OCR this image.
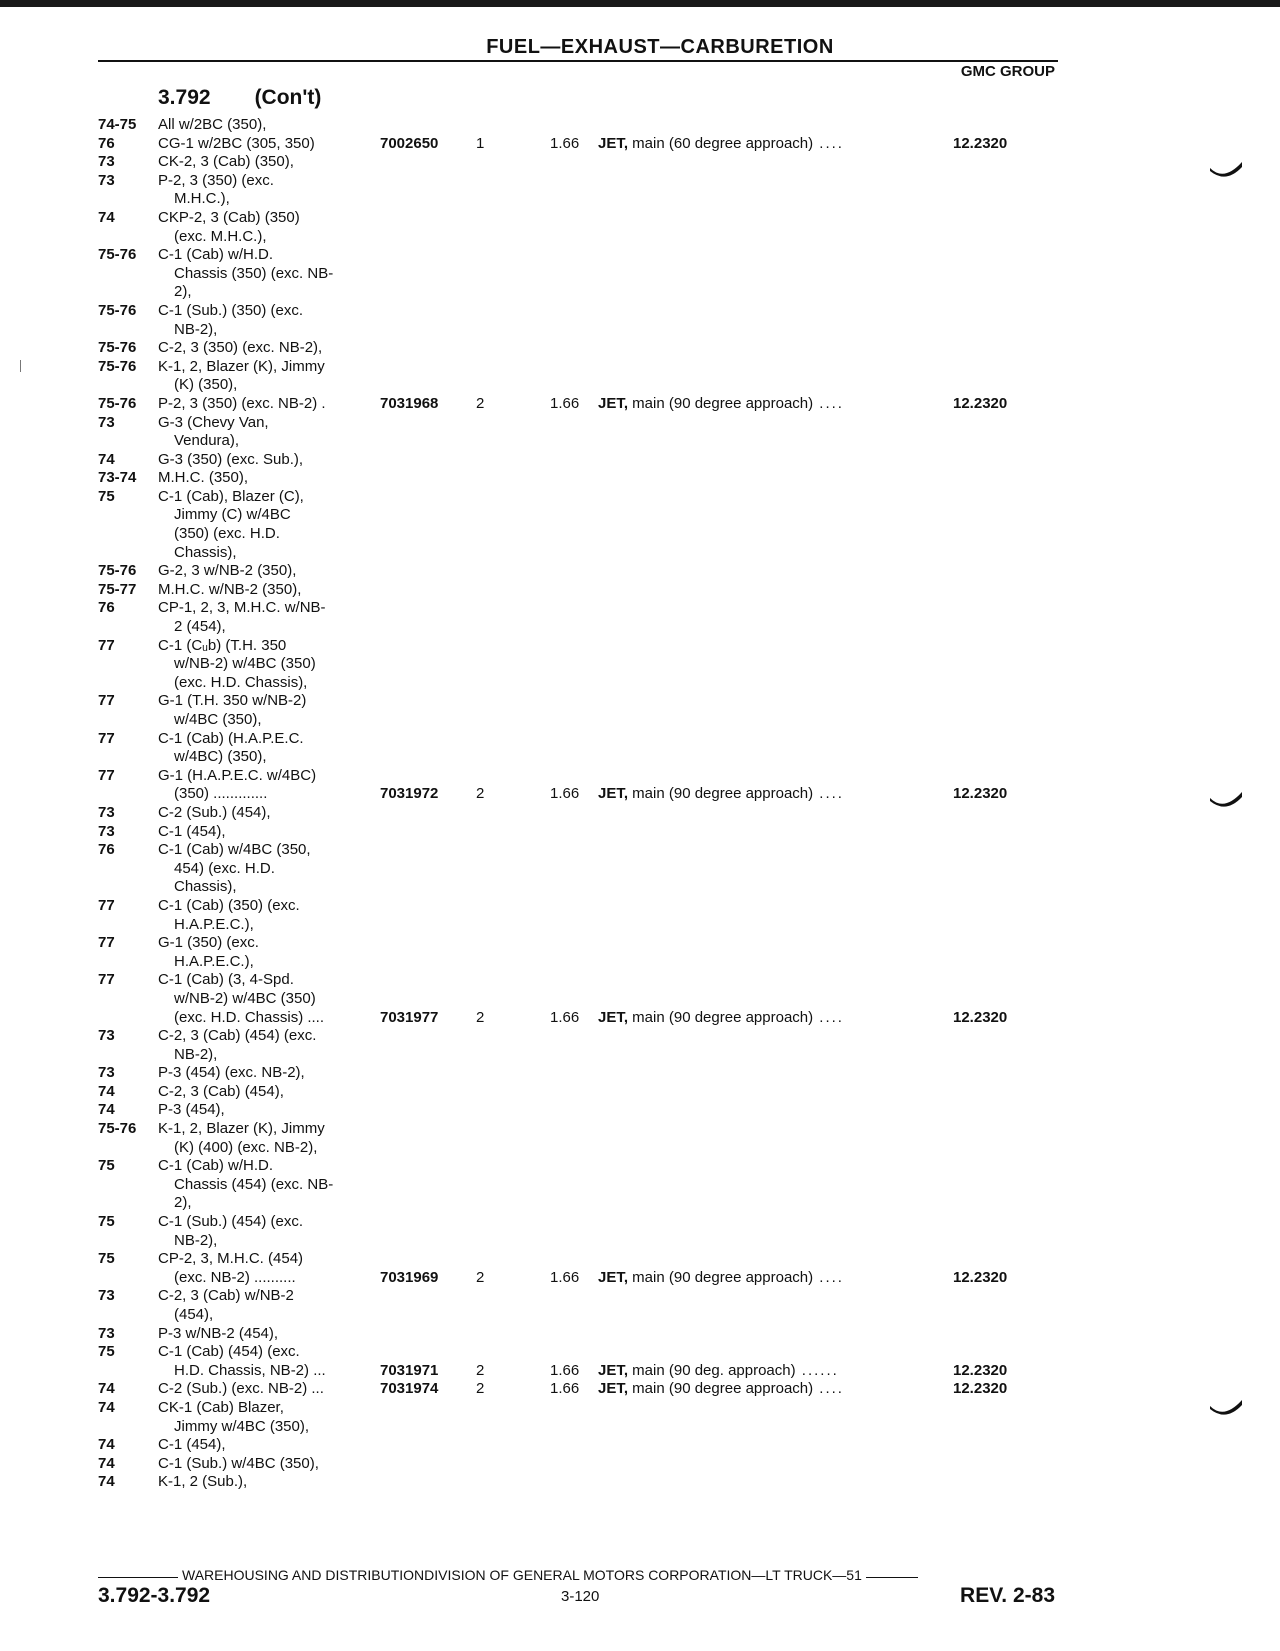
FUEL—EXHAUST—CARBURETION
GMC GROUP
3.792 (Con't)
74-75	All w/2BC (350),
76	CG-1 w/2BC (305, 350)	7002650	1	1.66	JET, main (60 degree approach) ....	12.2320
73	CK-2, 3 (Cab) (350),
73	P-2, 3 (350) (exc.
M.H.C.),
74	CKP-2, 3 (Cab) (350)
(exc. M.H.C.),
75-76	C-1 (Cab) w/H.D.
Chassis (350) (exc. NB-
2),
75-76	C-1 (Sub.) (350) (exc.
NB-2),
75-76	C-2, 3 (350) (exc. NB-2),
75-76	K-1, 2, Blazer (K), Jimmy
(K) (350),
75-76	P-2, 3 (350) (exc. NB-2) .	7031968	2	1.66	JET, main (90 degree approach) ....	12.2320
73	G-3 (Chevy Van,
Vendura),
74	G-3 (350) (exc. Sub.),
73-74	M.H.C. (350),
75	C-1 (Cab), Blazer (C),
Jimmy (C) w/4BC
(350) (exc. H.D.
Chassis),
75-76	G-2, 3 w/NB-2 (350),
75-77	M.H.C. w/NB-2 (350),
76	CP-1, 2, 3, M.H.C. w/NB-
2 (454),
77	C-1 (Cᵤb) (T.H. 350
w/NB-2) w/4BC (350)
(exc. H.D. Chassis),
77	G-1 (T.H. 350 w/NB-2)
w/4BC (350),
77	C-1 (Cab) (H.A.P.E.C.
w/4BC) (350),
77	G-1 (H.A.P.E.C. w/4BC)
(350) .............	7031972	2	1.66	JET, main (90 degree approach) ....	12.2320
73	C-2 (Sub.) (454),
73	C-1 (454),
76	C-1 (Cab) w/4BC (350,
454) (exc. H.D.
Chassis),
77	C-1 (Cab) (350) (exc.
H.A.P.E.C.),
77	G-1 (350) (exc.
H.A.P.E.C.),
77	C-1 (Cab) (3, 4-Spd.
w/NB-2) w/4BC (350)
(exc. H.D. Chassis) ....	7031977	2	1.66	JET, main (90 degree approach) ....	12.2320
73	C-2, 3 (Cab) (454) (exc.
NB-2),
73	P-3 (454) (exc. NB-2),
74	C-2, 3 (Cab) (454),
74	P-3 (454),
75-76	K-1, 2, Blazer (K), Jimmy
(K) (400) (exc. NB-2),
75	C-1 (Cab) w/H.D.
Chassis (454) (exc. NB-
2),
75	C-1 (Sub.) (454) (exc.
NB-2),
75	CP-2, 3, M.H.C. (454)
(exc. NB-2) ..........	7031969	2	1.66	JET, main (90 degree approach) ....	12.2320
73	C-2, 3 (Cab) w/NB-2
(454),
73	P-3 w/NB-2 (454),
75	C-1 (Cab) (454) (exc.
H.D. Chassis, NB-2) ...	7031971	2	1.66	JET, main (90 deg. approach) ......	12.2320
74	C-2 (Sub.) (exc. NB-2) ...	7031974	2	1.66	JET, main (90 degree approach) ....	12.2320
74	CK-1 (Cab) Blazer,
Jimmy w/4BC (350),
74	C-1 (454),
74	C-1 (Sub.) w/4BC (350),
74	K-1, 2 (Sub.),
WAREHOUSING AND DISTRIBUTIONDIVISION OF GENERAL MOTORS CORPORATION—LT TRUCK—51
3.792-3.792	3-120	REV. 2-83
